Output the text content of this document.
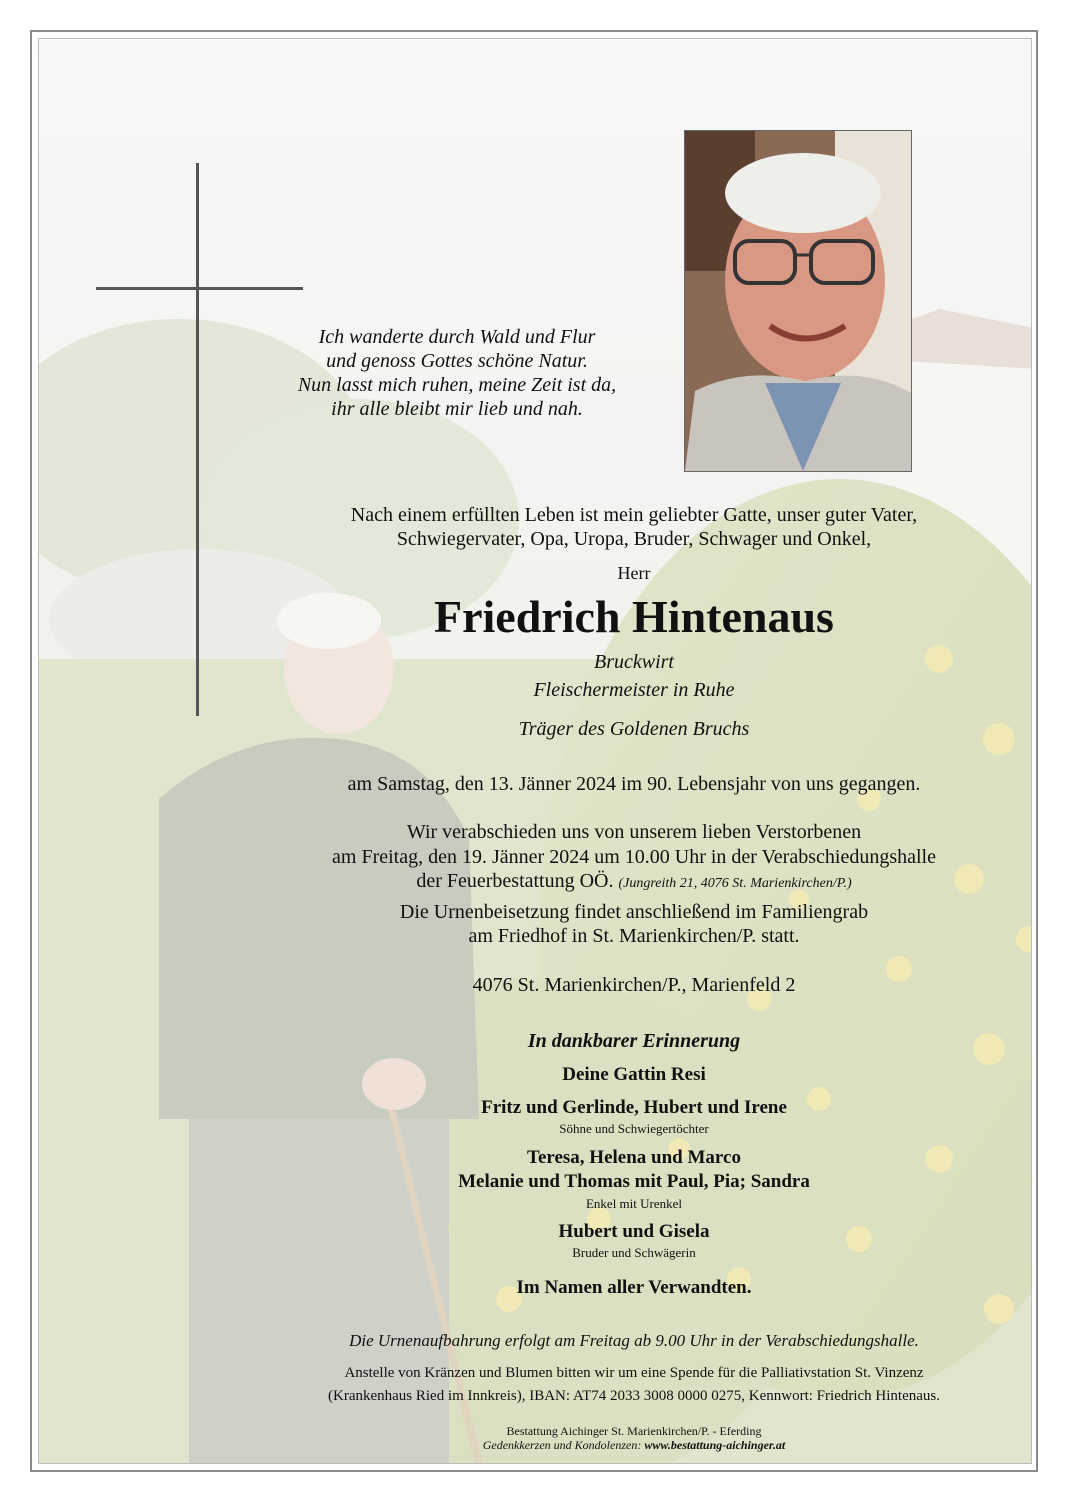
Ich wanderte durch Wald und Flur
und genoss Gottes schöne Natur.
Nun lasst mich ruhen, meine Zeit ist da,
ihr alle bleibt mir lieb und nah.
Nach einem erfüllten Leben ist mein geliebter Gatte, unser guter Vater,
Schwiegervater, Opa, Uropa, Bruder, Schwager und Onkel,
Herr
Friedrich Hintenaus
Bruckwirt
Fleischermeister in Ruhe
Träger des Goldenen Bruchs
am Samstag, den 13. Jänner 2024 im 90. Lebensjahr von uns gegangen.
Wir verabschieden uns von unserem lieben Verstorbenen
am Freitag, den 19. Jänner 2024 um 10.00 Uhr in der Verabschiedungshalle
der Feuerbestattung OÖ. (Jungreith 21, 4076 St. Marienkirchen/P.)
Die Urnenbeisetzung findet anschließend im Familiengrab
am Friedhof in St. Marienkirchen/P. statt.
4076 St. Marienkirchen/P., Marienfeld 2
In dankbarer Erinnerung
Deine Gattin Resi
Fritz und Gerlinde, Hubert und Irene
Söhne und Schwiegertöchter
Teresa, Helena und Marco
Melanie und Thomas mit Paul, Pia; Sandra
Enkel mit Urenkel
Hubert und Gisela
Bruder und Schwägerin
Im Namen aller Verwandten.
Die Urnenaufbahrung erfolgt am Freitag ab 9.00 Uhr in der Verabschiedungshalle.
Anstelle von Kränzen und Blumen bitten wir um eine Spende für die Palliativstation St. Vinzenz
(Krankenhaus Ried im Innkreis), IBAN: AT74 2033 3008 0000 0275, Kennwort: Friedrich Hintenaus.
Bestattung Aichinger St. Marienkirchen/P. - Eferding
Gedenkkerzen und Kondolenzen: www.bestattung-aichinger.at
